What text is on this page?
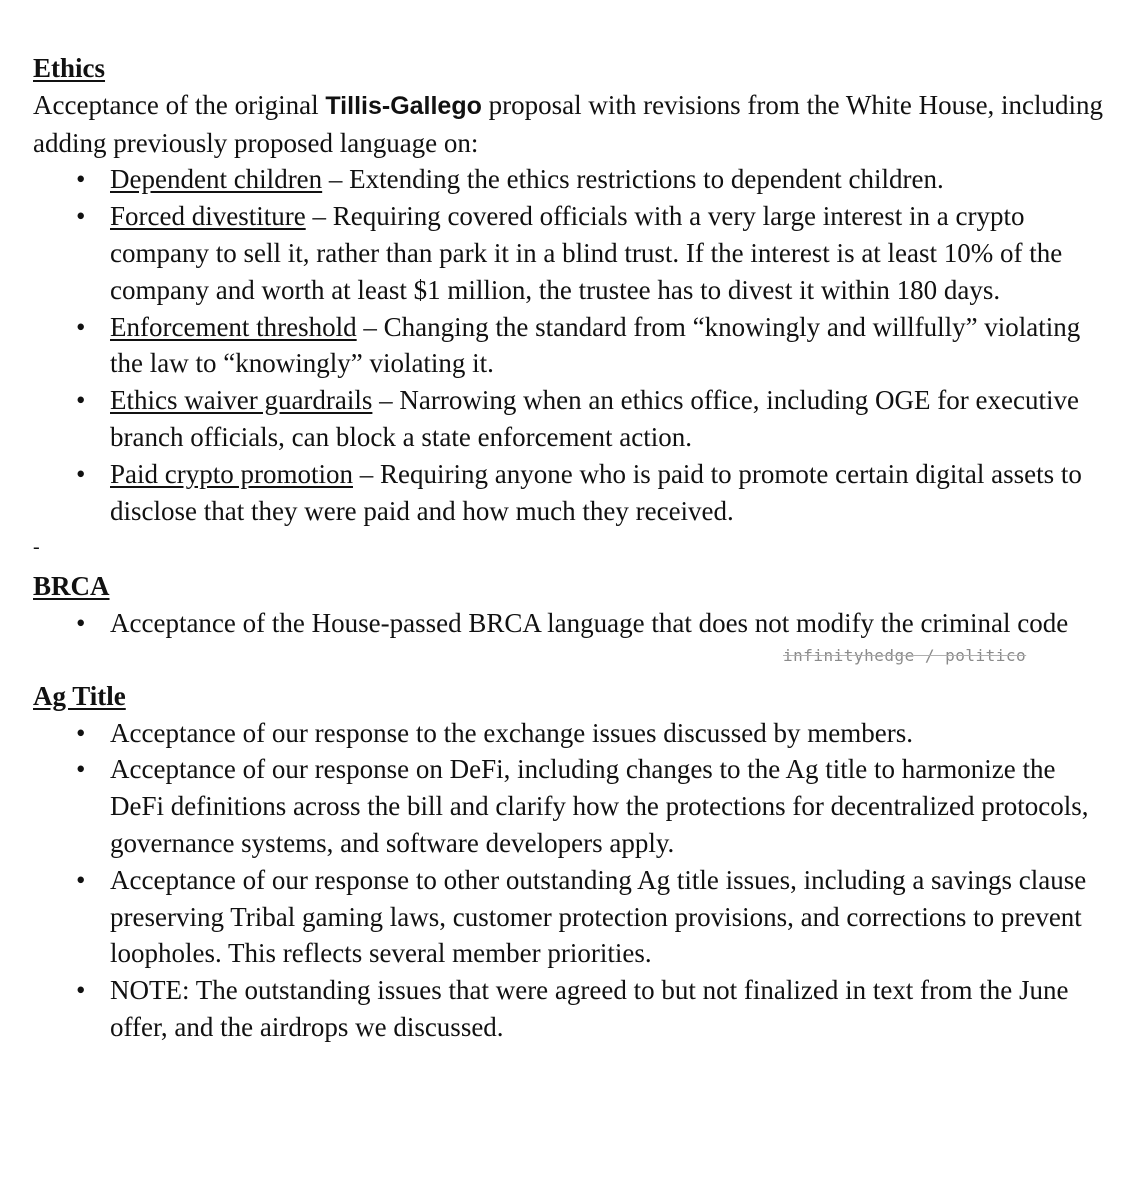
Ethics

Acceptance of the original Tillis-Gallego proposal with revisions from the White House, including adding previously proposed language on:

• Dependent children – Extending the ethics restrictions to dependent children.
• Forced divestiture – Requiring covered officials with a very large interest in a crypto company to sell it, rather than park it in a blind trust. If the interest is at least 10% of the company and worth at least $1 million, the trustee has to divest it within 180 days.
• Enforcement threshold – Changing the standard from “knowingly and willfully” violating the law to “knowingly” violating it.
• Ethics waiver guardrails – Narrowing when an ethics office, including OGE for executive branch officials, can block a state enforcement action.
• Paid crypto promotion – Requiring anyone who is paid to promote certain digital assets to disclose that they were paid and how much they received.

-

BRCA

• Acceptance of the House-passed BRCA language that does not modify the criminal code
infinityhedge / politico

Ag Title

• Acceptance of our response to the exchange issues discussed by members.
• Acceptance of our response on DeFi, including changes to the Ag title to harmonize the DeFi definitions across the bill and clarify how the protections for decentralized protocols, governance systems, and software developers apply.
• Acceptance of our response to other outstanding Ag title issues, including a savings clause preserving Tribal gaming laws, customer protection provisions, and corrections to prevent loopholes. This reflects several member priorities.
• NOTE: The outstanding issues that were agreed to but not finalized in text from the June offer, and the airdrops we discussed.
